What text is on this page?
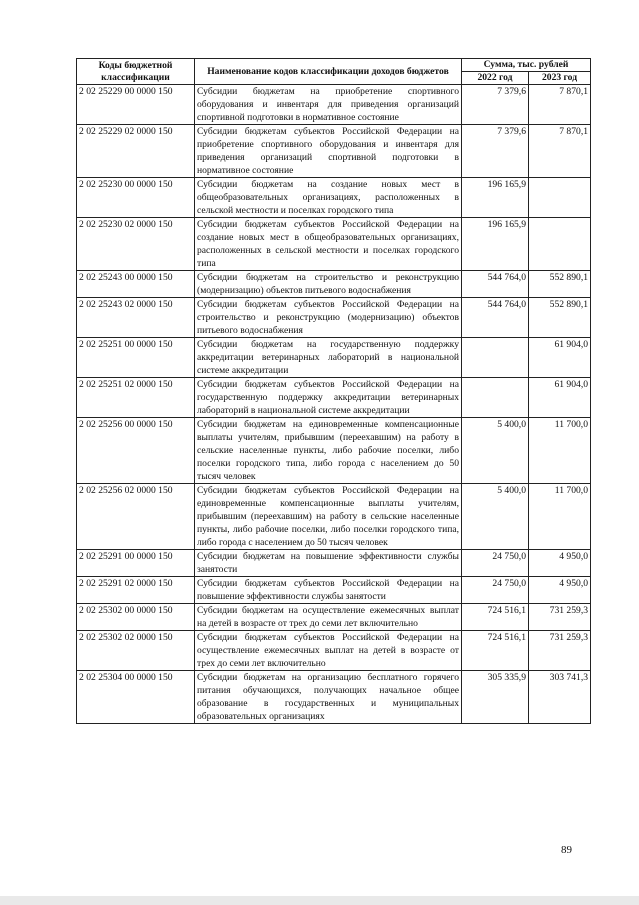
Коды бюджетной классификации	Наименование кодов классификации доходов бюджетов	Сумма, тыс. рублей	
		2022 год	2023 год
2 02 25229 00 0000 150	Субсидии бюджетам на приобретение спортивного оборудования и инвентаря для приведения организаций спортивной подготовки в нормативное состояние	7 379,6	7 870,1
2 02 25229 02 0000 150	Субсидии бюджетам субъектов Российской Федерации на приобретение спортивного оборудования и инвентаря для приведения организаций спортивной подготовки в нормативное состояние	7 379,6	7 870,1
2 02 25230 00 0000 150	Субсидии бюджетам на создание новых мест в общеобразовательных организациях, расположенных в сельской местности и поселках городского типа	196 165,9	
2 02 25230 02 0000 150	Субсидии бюджетам субъектов Российской Федерации на создание новых мест в общеобразовательных организациях, расположенных в сельской местности и поселках городского типа	196 165,9	
2 02 25243 00 0000 150	Субсидии бюджетам на строительство и реконструкцию (модернизацию) объектов питьевого водоснабжения	544 764,0	552 890,1
2 02 25243 02 0000 150	Субсидии бюджетам субъектов Российской Федерации на строительство и реконструкцию (модернизацию) объектов питьевого водоснабжения	544 764,0	552 890,1
2 02 25251 00 0000 150	Субсидии бюджетам на государственную поддержку аккредитации ветеринарных лабораторий в национальной системе аккредитации		61 904,0
2 02 25251 02 0000 150	Субсидии бюджетам субъектов Российской Федерации на государственную поддержку аккредитации ветеринарных лабораторий в национальной системе аккредитации		61 904,0
2 02 25256 00 0000 150	Субсидии бюджетам на единовременные компенсационные выплаты учителям, прибывшим (переехавшим) на работу в сельские населенные пункты, либо рабочие поселки, либо поселки городского типа, либо города с населением до 50 тысяч человек	5 400,0	11 700,0
2 02 25256 02 0000 150	Субсидии бюджетам субъектов Российской Федерации на единовременные компенсационные выплаты учителям, прибывшим (переехавшим) на работу в сельские населенные пункты, либо рабочие поселки, либо поселки городского типа, либо города с населением до 50 тысяч человек	5 400,0	11 700,0
2 02 25291 00 0000 150	Субсидии бюджетам на повышение эффективности службы занятости	24 750,0	4 950,0
2 02 25291 02 0000 150	Субсидии бюджетам субъектов Российской Федерации на повышение эффективности службы занятости	24 750,0	4 950,0
2 02 25302 00 0000 150	Субсидии бюджетам на осуществление ежемесячных выплат на детей в возрасте от трех до семи лет включительно	724 516,1	731 259,3
2 02 25302 02 0000 150	Субсидии бюджетам субъектов Российской Федерации на осуществление ежемесячных выплат на детей в возрасте от трех до семи лет включительно	724 516,1	731 259,3
2 02 25304 00 0000 150	Субсидии бюджетам на организацию бесплатного горячего питания обучающихся, получающих начальное общее образование в государственных и муниципальных образовательных организациях	305 335,9	303 741,3
89
